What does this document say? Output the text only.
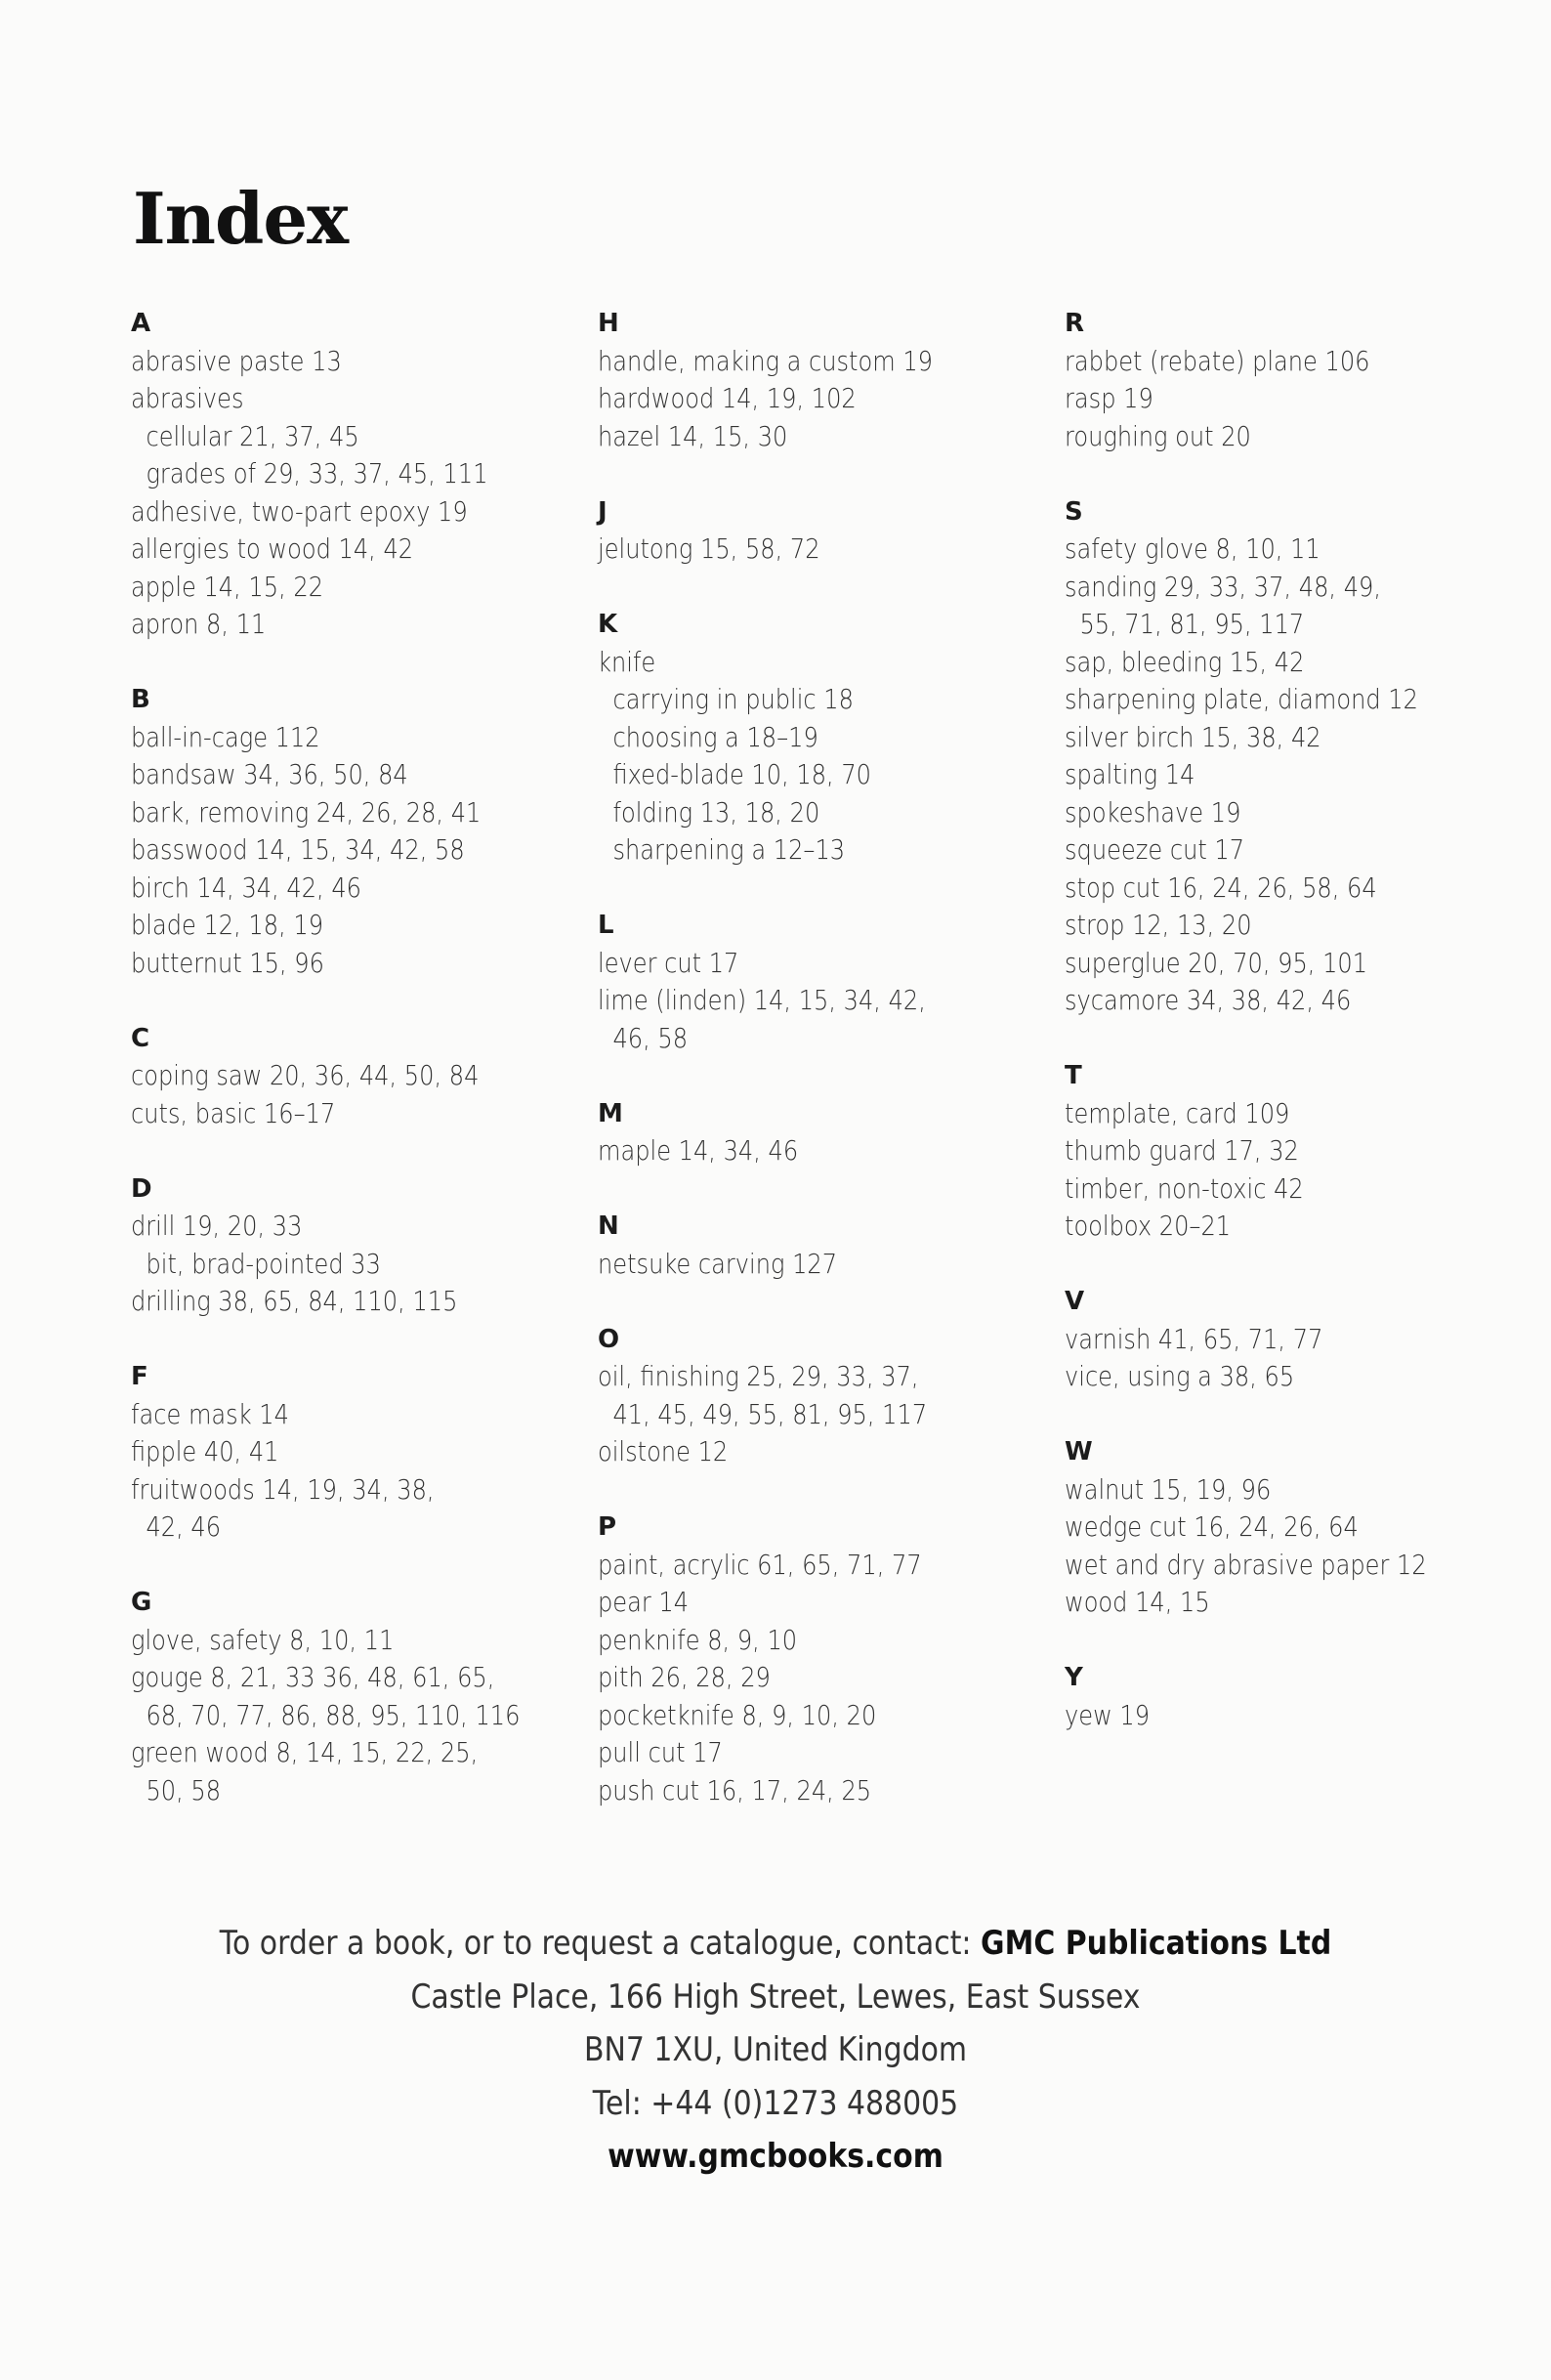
Index
A
abrasive paste 13
abrasives
cellular 21, 37, 45
grades of 29, 33, 37, 45, 111
adhesive, two-part epoxy 19
allergies to wood 14, 42
apple 14, 15, 22
apron 8, 11
B
ball-in-cage 112
bandsaw 34, 36, 50, 84
bark, removing 24, 26, 28, 41
basswood 14, 15, 34, 42, 58
birch 14, 34, 42, 46
blade 12, 18, 19
butternut 15, 96
C
coping saw 20, 36, 44, 50, 84
cuts, basic 16–17
D
drill 19, 20, 33
bit, brad-pointed 33
drilling 38, 65, 84, 110, 115
F
face mask 14
fipple 40, 41
fruitwoods 14, 19, 34, 38,
42, 46
G
glove, safety 8, 10, 11
gouge 8, 21, 33 36, 48, 61, 65,
68, 70, 77, 86, 88, 95, 110, 116
green wood 8, 14, 15, 22, 25,
50, 58
H
handle, making a custom 19
hardwood 14, 19, 102
hazel 14, 15, 30
J
jelutong 15, 58, 72
K
knife
carrying in public 18
choosing a 18–19
fixed-blade 10, 18, 70
folding 13, 18, 20
sharpening a 12–13
L
lever cut 17
lime (linden) 14, 15, 34, 42,
46, 58
M
maple 14, 34, 46
N
netsuke carving 127
O
oil, finishing 25, 29, 33, 37,
41, 45, 49, 55, 81, 95, 117
oilstone 12
P
paint, acrylic 61, 65, 71, 77
pear 14
penknife 8, 9, 10
pith 26, 28, 29
pocketknife 8, 9, 10, 20
pull cut 17
push cut 16, 17, 24, 25
R
rabbet (rebate) plane 106
rasp 19
roughing out 20
S
safety glove 8, 10, 11
sanding 29, 33, 37, 48, 49,
55, 71, 81, 95, 117
sap, bleeding 15, 42
sharpening plate, diamond 12
silver birch 15, 38, 42
spalting 14
spokeshave 19
squeeze cut 17
stop cut 16, 24, 26, 58, 64
strop 12, 13, 20
superglue 20, 70, 95, 101
sycamore 34, 38, 42, 46
T
template, card 109
thumb guard 17, 32
timber, non-toxic 42
toolbox 20–21
V
varnish 41, 65, 71, 77
vice, using a 38, 65
W
walnut 15, 19, 96
wedge cut 16, 24, 26, 64
wet and dry abrasive paper 12
wood 14, 15
Y
yew 19
To order a book, or to request a catalogue, contact: GMC Publications Ltd
Castle Place, 166 High Street, Lewes, East Sussex
BN7 1XU, United Kingdom
Tel: +44 (0)1273 488005
www.gmcbooks.com
